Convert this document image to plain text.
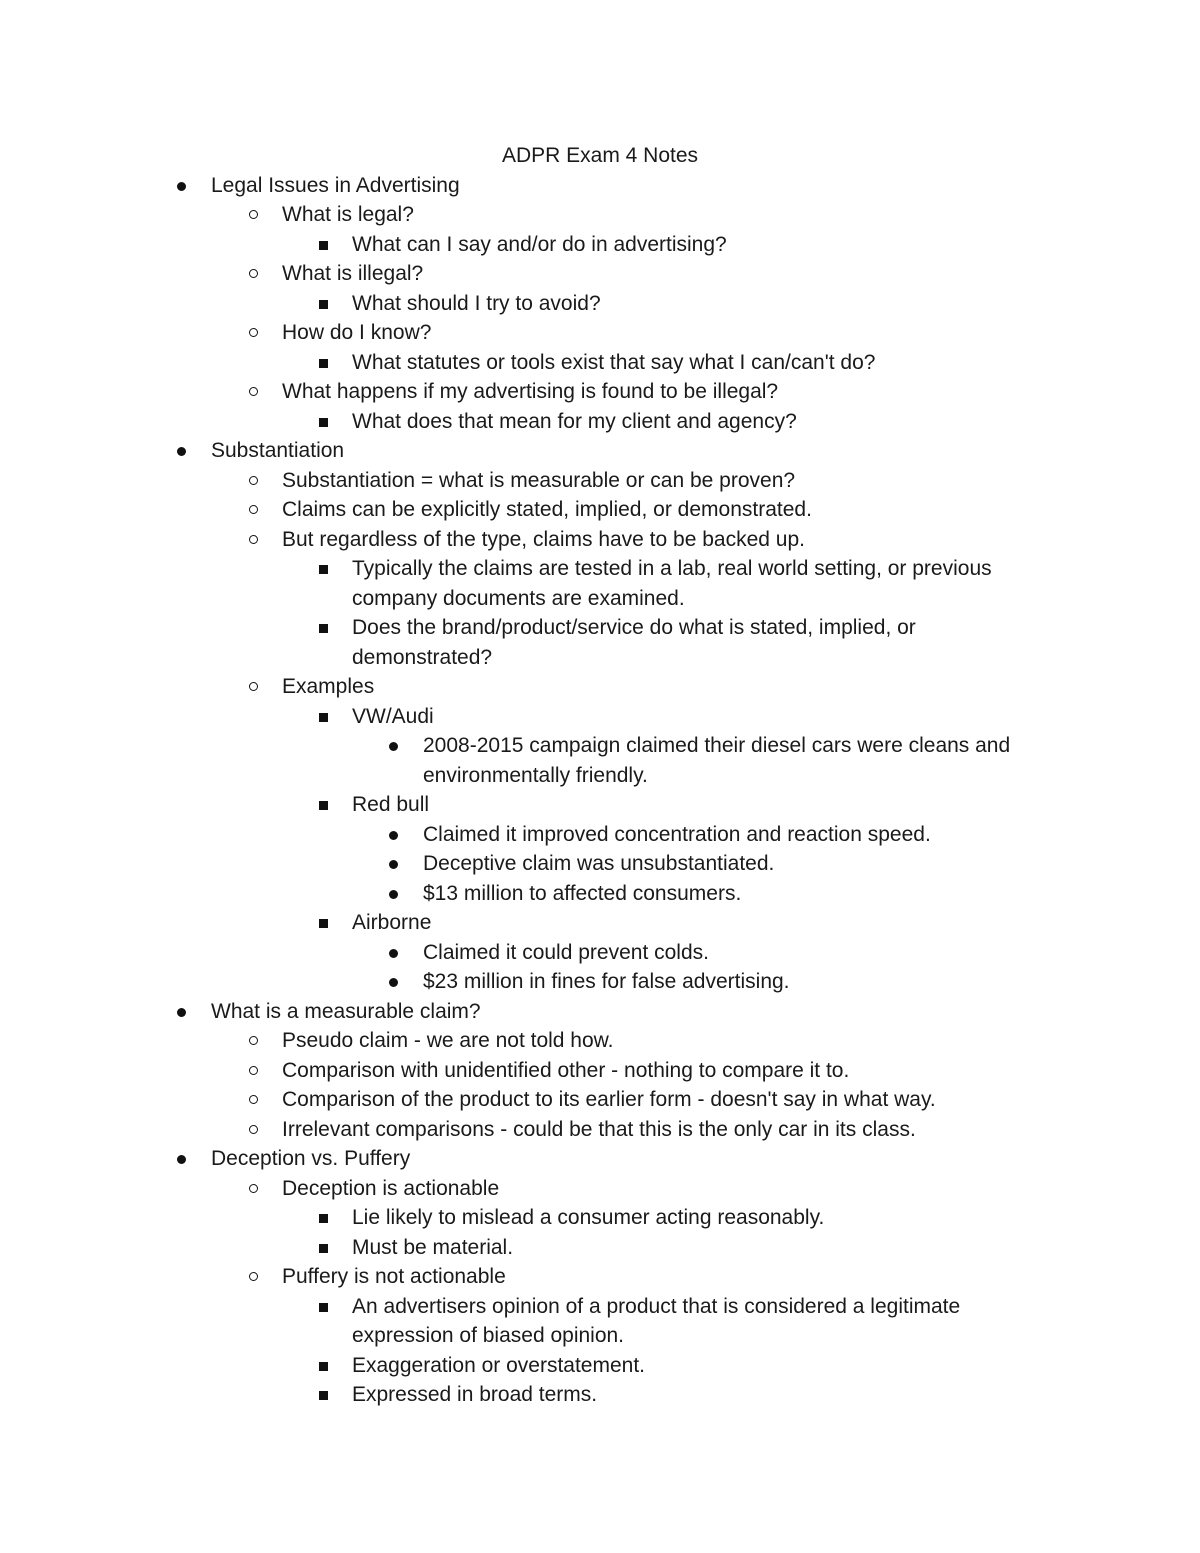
ADPR Exam 4 Notes
Legal Issues in Advertising
What is legal?
What can I say and/or do in advertising?
What is illegal?
What should I try to avoid?
How do I know?
What statutes or tools exist that say what I can/can't do?
What happens if my advertising is found to be illegal?
What does that mean for my client and agency?
Substantiation
Substantiation = what is measurable or can be proven?
Claims can be explicitly stated, implied, or demonstrated.
But regardless of the type, claims have to be backed up.
Typically the claims are tested in a lab, real world setting, or previous company documents are examined.
Does the brand/product/service do what is stated, implied, or demonstrated?
Examples
VW/Audi
2008-2015 campaign claimed their diesel cars were cleans and environmentally friendly.
Red bull
Claimed it improved concentration and reaction speed.
Deceptive claim was unsubstantiated.
$13 million to affected consumers.
Airborne
Claimed it could prevent colds.
$23 million in fines for false advertising.
What is a measurable claim?
Pseudo claim - we are not told how.
Comparison with unidentified other - nothing to compare it to.
Comparison of the product to its earlier form - doesn't say in what way.
Irrelevant comparisons - could be that this is the only car in its class.
Deception vs. Puffery
Deception is actionable
Lie likely to mislead a consumer acting reasonably.
Must be material.
Puffery is not actionable
An advertisers opinion of a product that is considered a legitimate expression of biased opinion.
Exaggeration or overstatement.
Expressed in broad terms.
